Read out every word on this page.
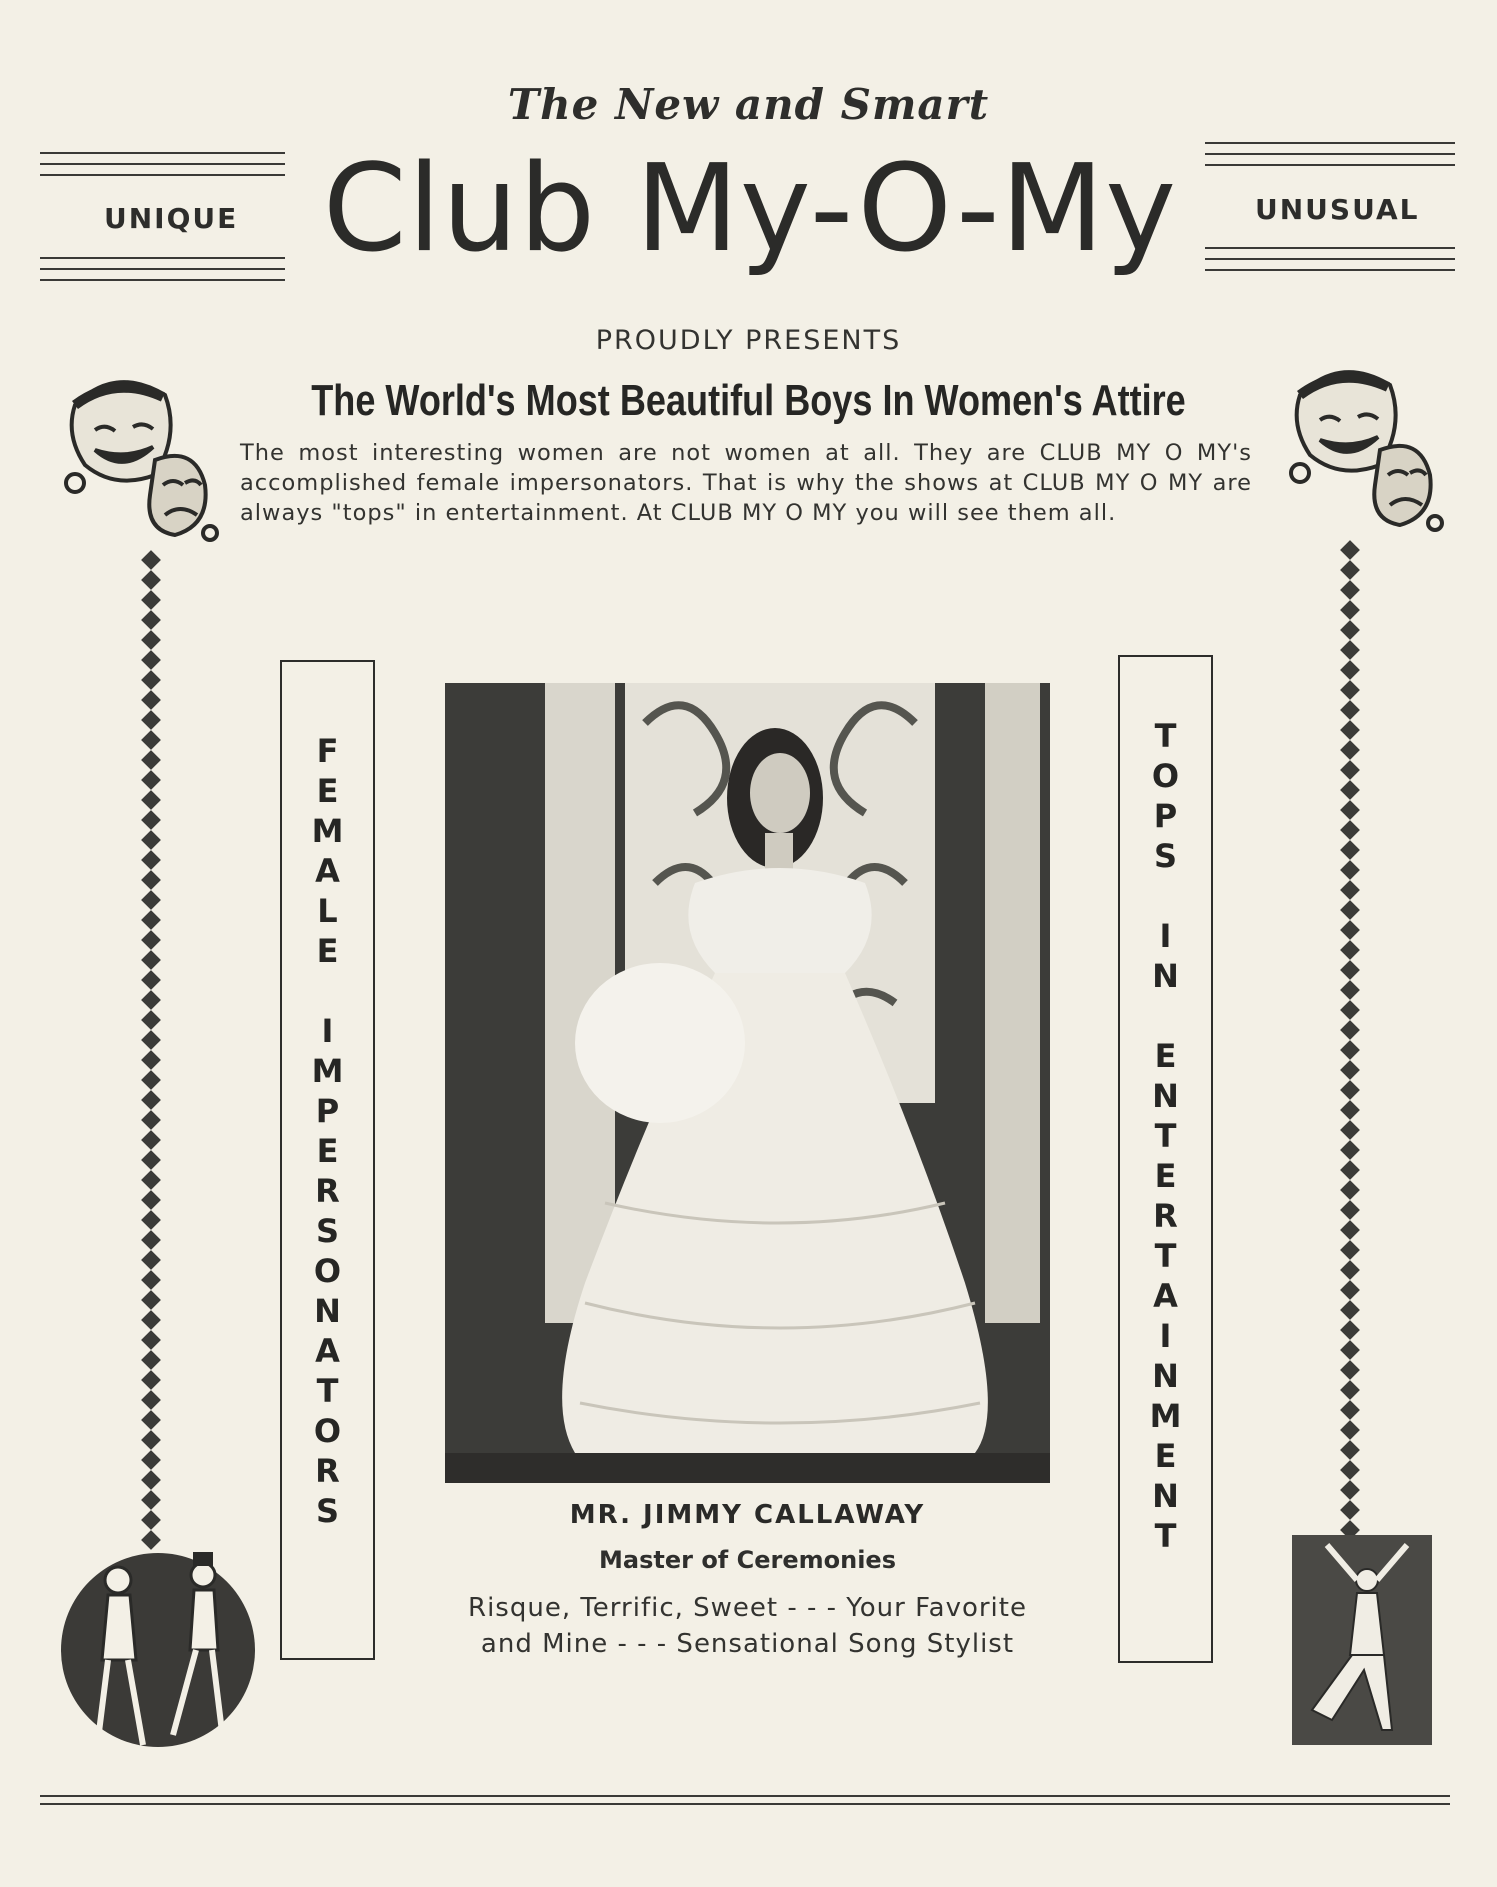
The New and Smart
UNIQUE Club My-O-My	UNUSUAL
PROUDLY PRESENTS
The World's Most Beautiful Boys In Women's Attire
The most interesting women are not women at all. They are CLUB MY O MY's accomplished female impersonators. That is why the shows at CLUB MY O MY are always "tops" in entertainment. At CLUB MY O MY you will see them all.
FEMALE IMPERSONATORS	TOPS IN ENTERTAINMENT
MR. JIMMY CALLAWAY
Master of Ceremonies
Risque, Terrific, Sweet - - - Your Favorite
and Mine - - - Sensational Song Stylist
